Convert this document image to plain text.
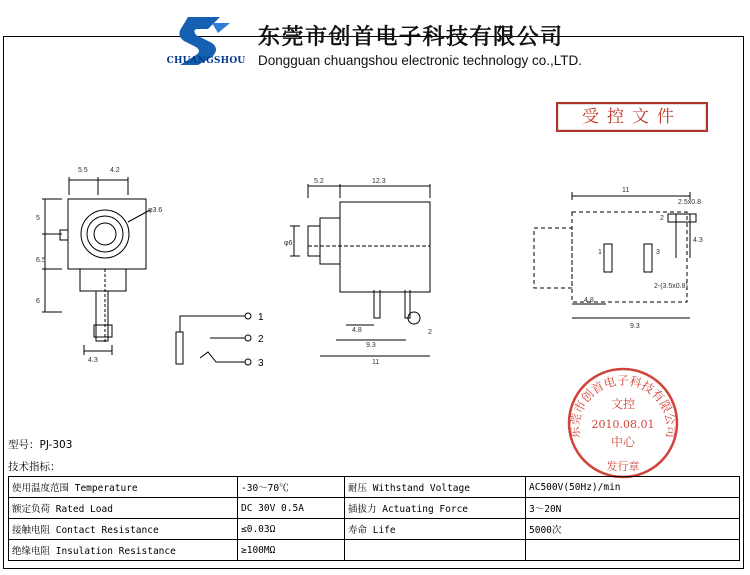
CHUANGSHOU
东莞市创首电子科技有限公司
Dongguan chuangshou electronic technology co.,LTD.
受控文件
5.5	4.2
5
6.5
6
4.3
φ3.6
1
2
3
5.2	12.3
φ6
4.8
9.3
11
2
11
2.5x0.8
4.3
2-(3.5x0.8)
4.8
9.3
1
2
3
东莞市创首电子科技有限公司
文控
2010.08.01
中心
发行章
型号：PJ-303
技术指标：
使用温度范围 Temperature	-30～70℃	耐压 Withstand Voltage	AC500V(50Hz)/min
额定负荷 Rated Load	DC 30V 0.5A	插拔力 Actuating Force	3～20N
接触电阻 Contact Resistance	≤0.03Ω	寿命 Life	5000次
绝缘电阻 Insulation Resistance	≥100MΩ		
